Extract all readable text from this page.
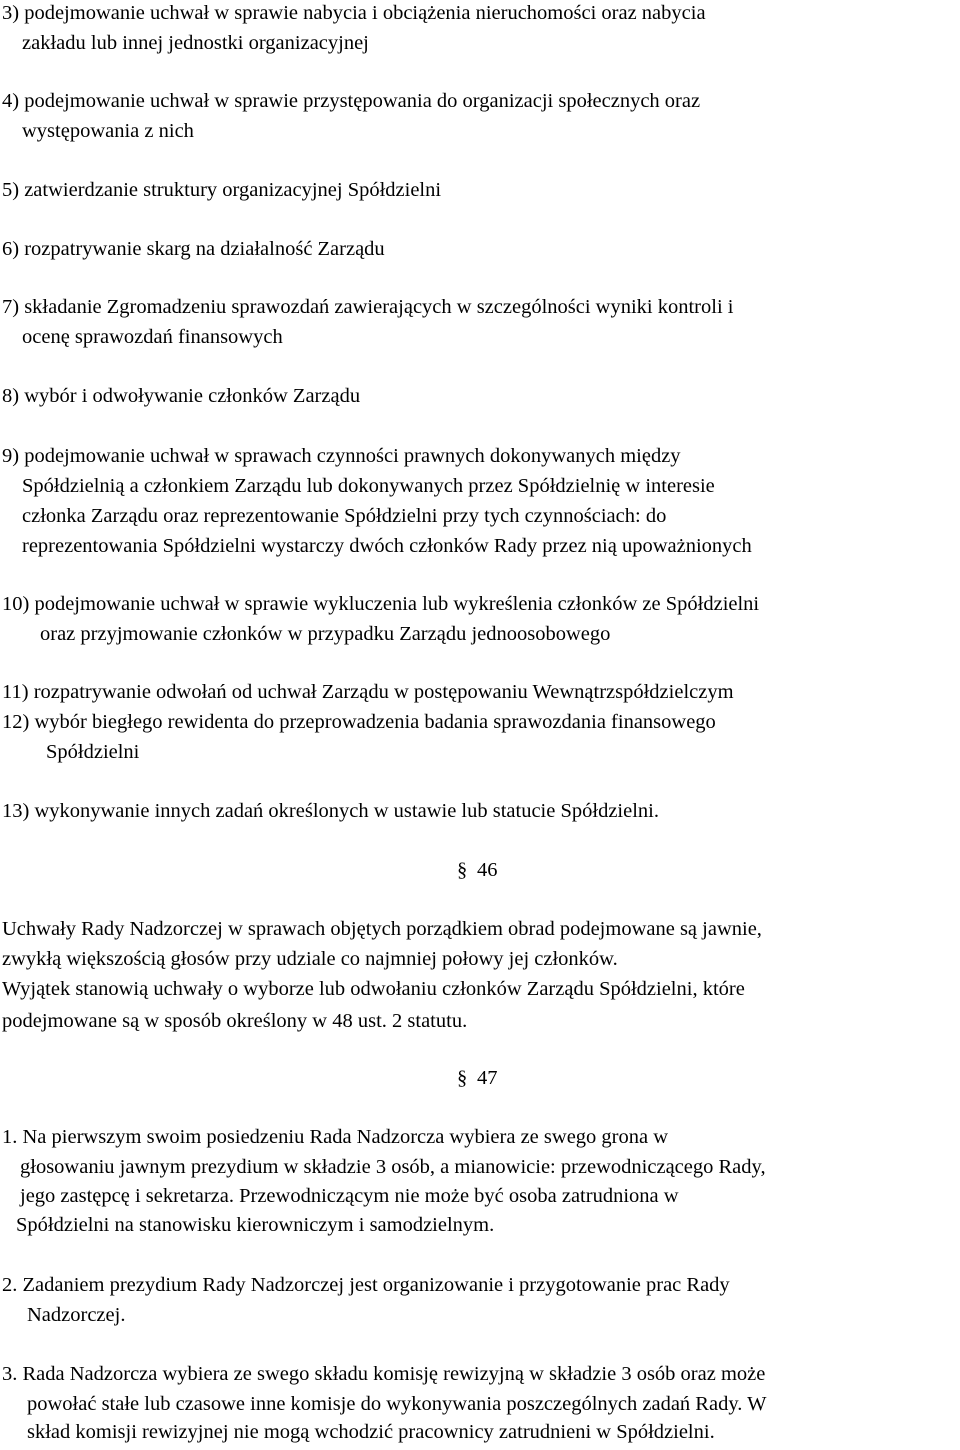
3) podejmowanie uchwał w sprawie nabycia i obciążenia nieruchomości oraz nabycia
zakładu lub innej jednostki organizacyjnej
4) podejmowanie uchwał w sprawie przystępowania do organizacji społecznych oraz
występowania z nich
5) zatwierdzanie struktury organizacyjnej Spółdzielni
6) rozpatrywanie skarg na działalność Zarządu
7) składanie Zgromadzeniu sprawozdań zawierających w szczególności wyniki kontroli i
ocenę sprawozdań finansowych
8) wybór i odwoływanie członków Zarządu
9) podejmowanie uchwał w sprawach czynności prawnych dokonywanych między
Spółdzielnią a członkiem Zarządu lub dokonywanych przez Spółdzielnię w interesie
członka Zarządu oraz reprezentowanie Spółdzielni przy tych czynnościach: do
reprezentowania Spółdzielni wystarczy dwóch członków Rady przez nią upoważnionych
10) podejmowanie uchwał w sprawie wykluczenia lub wykreślenia członków ze Spółdzielni
oraz przyjmowanie członków w przypadku Zarządu jednoosobowego
11) rozpatrywanie odwołań od uchwał Zarządu w postępowaniu Wewnątrzspółdzielczym
12) wybór biegłego rewidenta do przeprowadzenia badania sprawozdania finansowego
Spółdzielni
13) wykonywanie innych zadań określonych w ustawie lub statucie Spółdzielni.
§ 46
Uchwały Rady Nadzorczej w sprawach objętych porządkiem obrad podejmowane są jawnie,
zwykłą większością głosów przy udziale co najmniej połowy jej członków.
Wyjątek stanowią uchwały o wyborze lub odwołaniu członków Zarządu Spółdzielni, które
podejmowane są w sposób określony w 48 ust. 2 statutu.
§ 47
1. Na pierwszym swoim posiedzeniu Rada Nadzorcza wybiera ze swego grona w
głosowaniu jawnym prezydium w składzie 3 osób, a mianowicie: przewodniczącego Rady,
jego zastępcę i sekretarza. Przewodniczącym nie może być osoba zatrudniona w
Spółdzielni na stanowisku kierowniczym i samodzielnym.
2. Zadaniem prezydium Rady Nadzorczej jest organizowanie i przygotowanie prac Rady
Nadzorczej.
3. Rada Nadzorcza wybiera ze swego składu komisję rewizyjną w składzie 3 osób oraz może
powołać stałe lub czasowe inne komisje do wykonywania poszczególnych zadań Rady. W
skład komisji rewizyjnej nie mogą wchodzić pracownicy zatrudnieni w Spółdzielni.
